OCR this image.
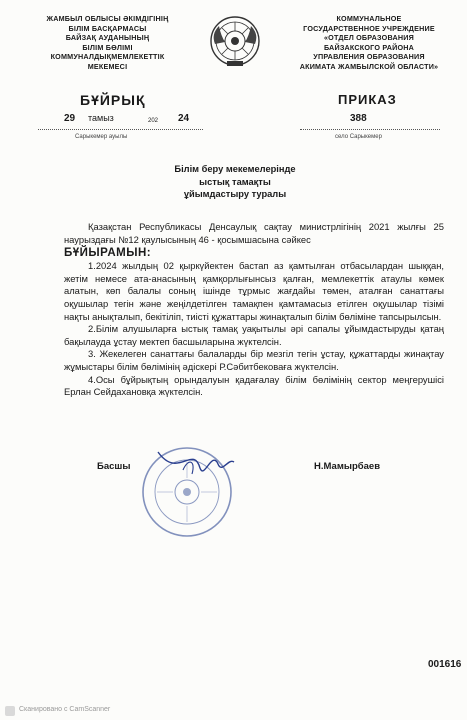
ЖАМБЫЛ ОБЛЫСЫ ӘКІМДІГІНІҢ
БІЛІМ БАСҚАРМАСЫ
БАЙЗАҚ АУДАНЫНЫҢ
БІЛІМ БӨЛІМІ
КОММУНАЛДЫҚМЕМЛЕКЕТТІК
МЕКЕМЕСІ
КОММУНАЛЬНОЕ
ГОСУДАРСТВЕННОЕ УЧРЕЖДЕНИЕ
«ОТДЕЛ ОБРАЗОВАНИЯ
БАЙЗАКСКОГО РАЙОНА
УПРАВЛЕНИЯ ОБРАЗОВАНИЯ
АКИМАТА ЖАМБЫЛСКОЙ ОБЛАСТИ»
БҰЙРЫҚ	ПРИКАЗ
29 тамыз	202 24	388
Сарыкемер ауылы	село Сарыкемер
Білім беру мекемелерінде
ыстық тамақты
ұйымдастыру туралы

Қазақстан Республикасы Денсаулық сақтау министрлігінің 2021 жылғы 25 наурыздағы №12 қаулысының 46 - қосымшасына сәйкес

БҰЙЫРАМЫН:

1.2024 жылдың 02 қыркүйектен бастап аз қамтылған отбасылардан шыққан, жетім немесе ата-анасының қамқорлығынсыз қалған, мемлекеттік атаулы көмек алатын, көп балалы соның ішінде тұрмыс жағдайы төмен, аталған санаттағы оқушылар тегін және жеңілдетілген тамақпен қамтамасыз етілген оқушылар тізімі нақты анықталып, бекітіліп, тиісті құжаттары жинақталып білім бөліміне тапсырылсын.

2.Білім алушыларға ыстық тамақ уақытылы әрі сапалы ұйымдастыруды қатаң бақылауда ұстау мектеп басшыларына жүктелсін.

3. Жекелеген санаттағы балаларды бір мезгіл тегін ұстау, құжаттарды жинақтау жұмыстары білім бөлімінің әдіскері Р.Сәбитбековаға жүктелсін.

4.Осы бұйрықтың орындалуын қадағалау білім бөлімінің сектор меңгерушісі Ерлан Сейдахановқа жүктелсін.

Басшы	Н.Мамырбаев
001616
Сканировано с CamScanner
